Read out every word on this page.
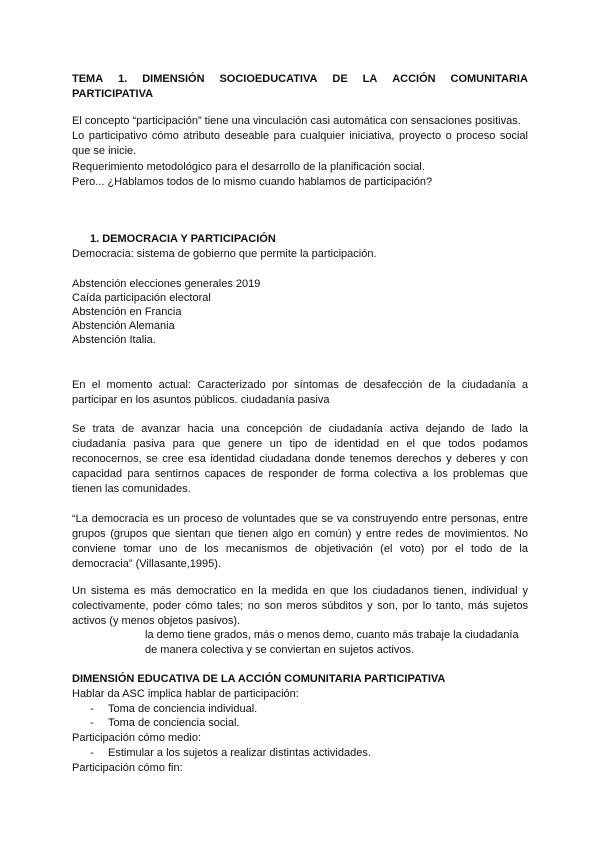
TEMA 1. DIMENSIÓN SOCIOEDUCATIVA DE LA ACCIÓN COMUNITARIA
PARTICIPATIVA
El concepto “participación” tiene una vinculación casi automática con sensaciones positivas.
Lo participativo cómo atributo deseable para cualquier iniciativa, proyecto o proceso social que se inicie.
Requerimiento metodológico para el desarrollo de la planificación social.
Pero... ¿Hablamos todos de lo mismo cuando hablamos de participación?
1. DEMOCRACIA Y PARTICIPACIÓN
Democracia: sistema de gobierno que permite la participación.
Abstención elecciones generales 2019
Caída participación electoral
Abstención en Francia
Abstención Alemania
Abstención Italia.
En el momento actual: Caracterizado por síntomas de desafección de la ciudadanía a participar en los asuntos públicos. ciudadanía pasiva
Se trata de avanzar hacia una concepción de ciudadanía activa dejando de lado la ciudadanía pasiva para que genere un tipo de identidad en el que todos podamos reconocernos, se cree esa identidad ciudadana donde tenemos derechos y deberes y con capacidad para sentirnos capaces de responder de forma colectiva a los problemas que tienen las comunidades.
“La democracia es un proceso de voluntades que se va construyendo entre personas, entre grupos (grupos que sientan que tienen algo en común) y entre redes de movimientos. No conviene tomar uno de los mecanismos de objetivación (el voto) por el todo de la democracia” (Villasante,1995).
Un sistema es más democratico en la medida en que los ciudadanos tienen, individual y colectivamente, poder cómo tales; no son meros súbditos y son, por lo tanto, más sujetos activos (y menos objetos pasivos).
la demo tiene grados, más o menos demo, cuanto más trabaje la ciudadanía
de manera colectiva y se conviertan en sujetos activos.
DIMENSIÓN EDUCATIVA DE LA ACCIÓN COMUNITARIA PARTICIPATIVA
Hablar da ASC implica hablar de participación:
- Toma de conciencia individual.
- Toma de conciencia social.
Participación cómo medio:
- Estimular a los sujetos a realizar distintas actividades.
Participación cómo fin:
